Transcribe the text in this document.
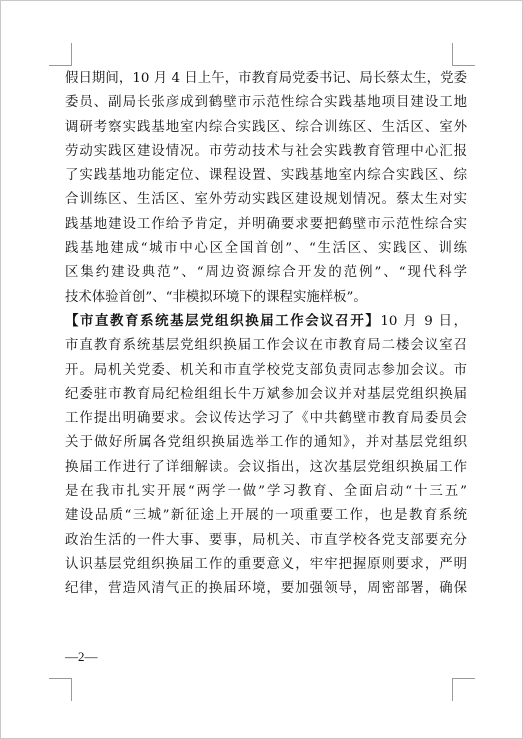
假日期间，10 月 4 日上午，市教育局党委书记、局长蔡太生，党委
委员、副局长张彦成到鹤壁市示范性综合实践基地项目建设工地
调研考察实践基地室内综合实践区、综合训练区、生活区、室外
劳动实践区建设情况。市劳动技术与社会实践教育管理中心汇报
了实践基地功能定位、课程设置、实践基地室内综合实践区、综
合训练区、生活区、室外劳动实践区建设规划情况。蔡太生对实
践基地建设工作给予肯定，并明确要求要把鹤壁市示范性综合实
践基地建成“城市中心区全国首创”、“生活区、实践区、训练
区集约建设典范”、“周边资源综合开发的范例”、“现代科学
技术体验首创”、“非模拟环境下的课程实施样板”。
【市直教育系统基层党组织换届工作会议召开】10 月 9 日，
市直教育系统基层党组织换届工作会议在市教育局二楼会议室召
开。局机关党委、机关和市直学校党支部负责同志参加会议。市
纪委驻市教育局纪检组组长牛万斌参加会议并对基层党组织换届
工作提出明确要求。会议传达学习了《中共鹤壁市教育局委员会
关于做好所属各党组织换届选举工作的通知》，并对基层党组织
换届工作进行了详细解读。会议指出，这次基层党组织换届工作
是在我市扎实开展“两学一做”学习教育、全面启动“十三五”
建设品质“三城”新征途上开展的一项重要工作，也是教育系统
政治生活的一件大事、要事，局机关、市直学校各党支部要充分
认识基层党组织换届工作的重要意义，牢牢把握原则要求，严明
纪律，营造风清气正的换届环境，要加强领导，周密部署，确保
—2—
